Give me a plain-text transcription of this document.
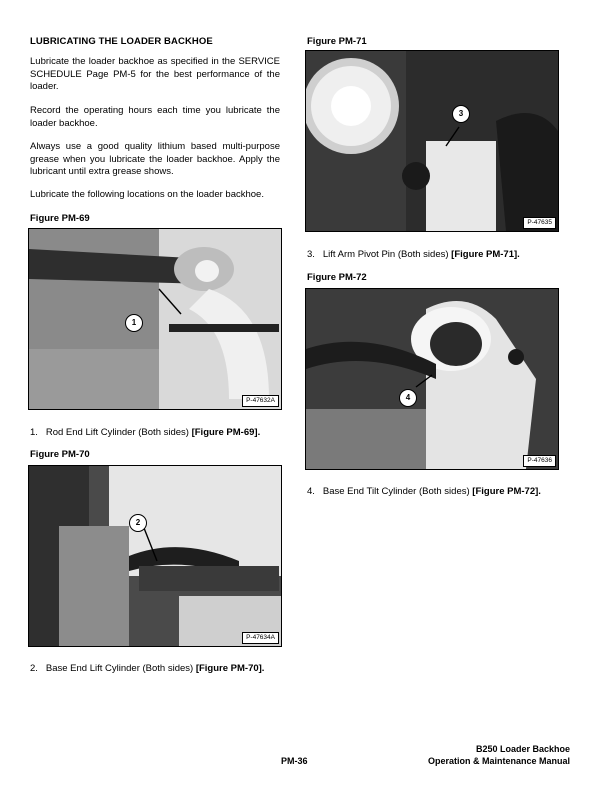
LUBRICATING THE LOADER BACKHOE
Lubricate the loader backhoe as specified in the SERVICE SCHEDULE Page PM-5 for the best performance of the loader.
Record the operating hours each time you lubricate the loader backhoe.
Always use a good quality lithium based multi-purpose grease when you lubricate the loader backhoe. Apply the lubricant until extra grease shows.
Lubricate the following locations on the loader backhoe.
Figure PM-69
1
P-47632A
1. Rod End Lift Cylinder (Both sides) [Figure PM-69].
Figure PM-70
2
P-47634A
2. Base End Lift Cylinder (Both sides) [Figure PM-70].
Figure PM-71
3
P-47635
3. Lift Arm Pivot Pin (Both sides) [Figure PM-71].
Figure PM-72
4
P-47636
4. Base End Tilt Cylinder (Both sides) [Figure PM-72].
PM-36
B250 Loader Backhoe
Operation & Maintenance Manual
